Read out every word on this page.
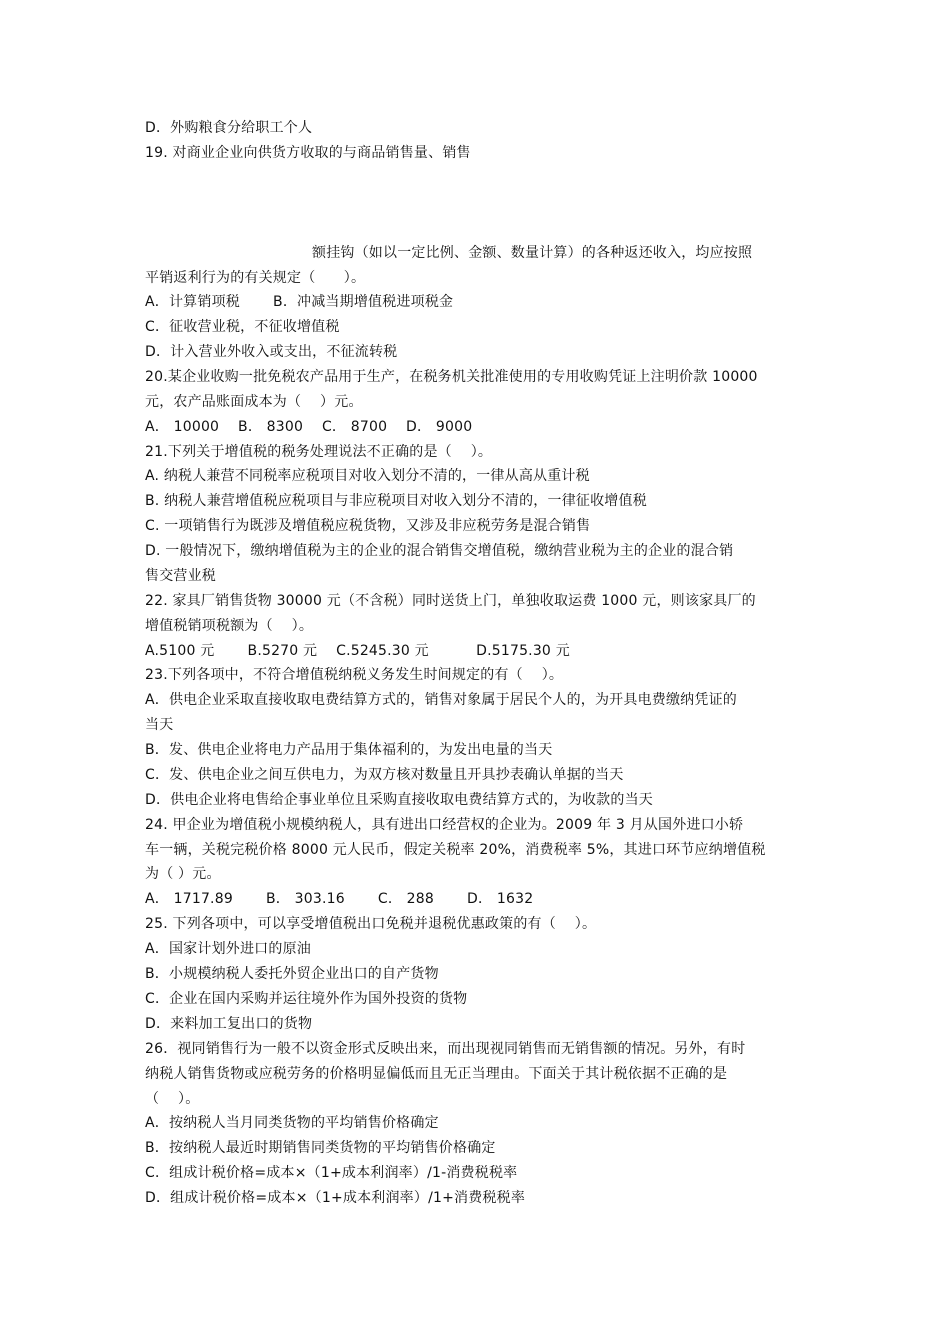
D．外购粮食分给职工个人
19. 对商业企业向供货方收取的与商品销售量、销售
额挂钩（如以一定比例、金额、数量计算）的各种返还收入，均应按照
平销返利行为的有关规定（　　）。
A．计算销项税　　 B．冲减当期增值税进项税金
C．征收营业税，不征收增值税
D．计入营业外收入或支出，不征流转税
20.某企业收购一批免税农产品用于生产，在税务机关批准使用的专用收购凭证上注明价款 10000
元，农产品账面成本为（　 ）元。
A． 10000　 B． 8300　 C． 8700　 D． 9000
21.下列关于增值税的税务处理说法不正确的是（　 ）。
A. 纳税人兼营不同税率应税项目对收入划分不清的，一律从高从重计税
B. 纳税人兼营增值税应税项目与非应税项目对收入划分不清的，一律征收增值税
C. 一项销售行为既涉及增值税应税货物，又涉及非应税劳务是混合销售
D. 一般情况下，缴纳增值税为主的企业的混合销售交增值税，缴纳营业税为主的企业的混合销
售交营业税
22. 家具厂销售货物 30000 元（不含税）同时送货上门，单独收取运费 1000 元，则该家具厂的
增值税销项税额为（　 ）。
A.5100 元　　 B.5270 元　 C.5245.30 元　　　 D.5175.30 元
23.下列各项中，不符合增值税纳税义务发生时间规定的有（　 ）。
A．供电企业采取直接收取电费结算方式的，销售对象属于居民个人的，为开具电费缴纳凭证的
当天
B．发、供电企业将电力产品用于集体福利的，为发出电量的当天
C．发、供电企业之间互供电力，为双方核对数量且开具抄表确认单据的当天
D．供电企业将电售给企事业单位且采购直接收取电费结算方式的，为收款的当天
24. 甲企业为增值税小规模纳税人，具有进出口经营权的企业为。2009 年 3 月从国外进口小轿
车一辆，关税完税价格 8000 元人民币，假定关税率 20%，消费税率 5%，其进口环节应纳增值税
为（ ）元。
A． 1717.89　　 B． 303.16　　 C． 288　　 D． 1632
25. 下列各项中，可以享受增值税出口免税并退税优惠政策的有（　 ）。
A．国家计划外进口的原油
B．小规模纳税人委托外贸企业出口的自产货物
C．企业在国内采购并运往境外作为国外投资的货物
D．来料加工复出口的货物
26．视同销售行为一般不以资金形式反映出来，而出现视同销售而无销售额的情况。另外，有时
纳税人销售货物或应税劳务的价格明显偏低而且无正当理由。下面关于其计税依据不正确的是
（　 ）。
A．按纳税人当月同类货物的平均销售价格确定
B．按纳税人最近时期销售同类货物的平均销售价格确定
C．组成计税价格=成本×（1+成本利润率）/1-消费税税率
D．组成计税价格=成本×（1+成本利润率）/1+消费税税率
